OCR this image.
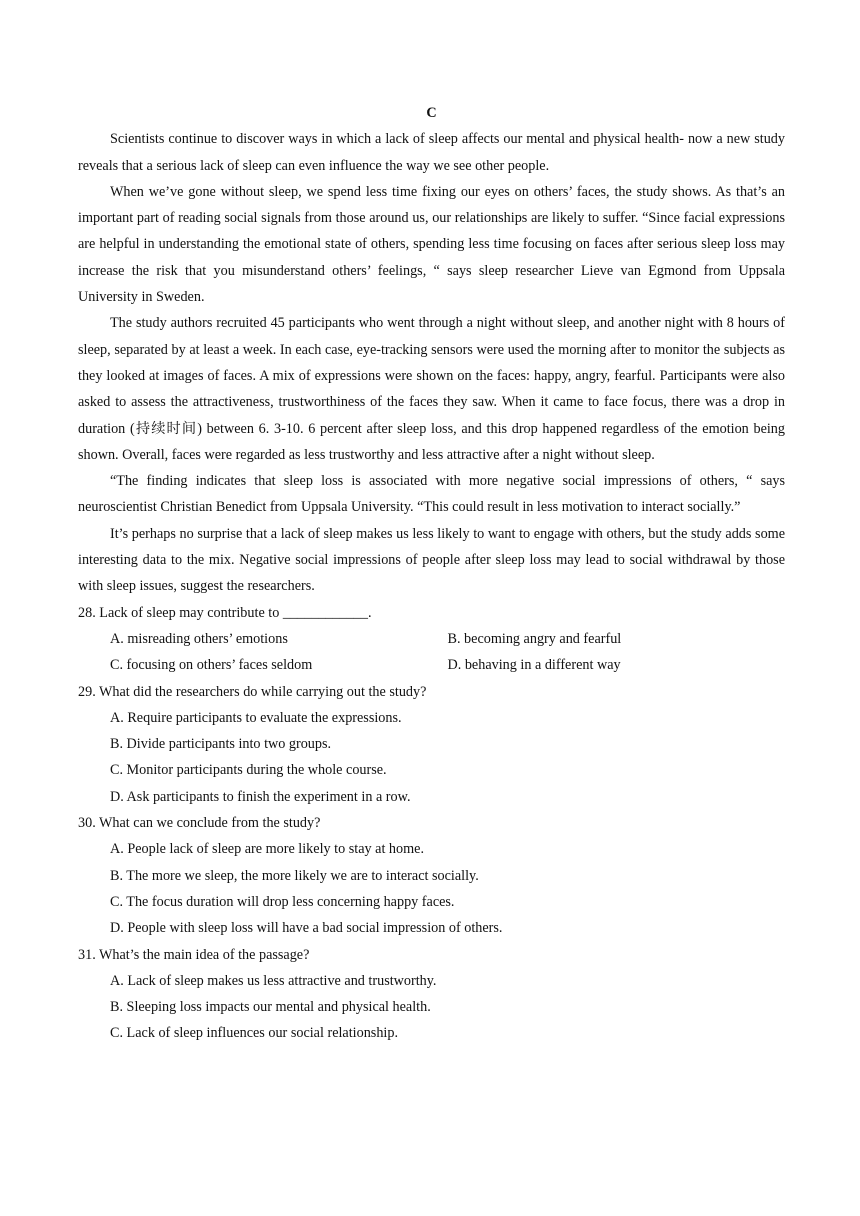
C

Scientists continue to discover ways in which a lack of sleep affects our mental and physical health- now a new study reveals that a serious lack of sleep can even influence the way we see other people.

When we’ve gone without sleep, we spend less time fixing our eyes on others’ faces, the study shows. As that’s an important part of reading social signals from those around us, our relationships are likely to suffer. “Since facial expressions are helpful in understanding the emotional state of others, spending less time focusing on faces after serious sleep loss may increase the risk that you misunderstand others’ feelings, “ says sleep researcher Lieve van Egmond from Uppsala University in Sweden.

The study authors recruited 45 participants who went through a night without sleep, and another night with 8 hours of sleep, separated by at least a week. In each case, eye-tracking sensors were used the morning after to monitor the subjects as they looked at images of faces. A mix of expressions were shown on the faces: happy, angry, fearful. Participants were also asked to assess the attractiveness, trustworthiness of the faces they saw. When it came to face focus, there was a drop in duration (持续时间) between 6. 3-10. 6 percent after sleep loss, and this drop happened regardless of the emotion being shown. Overall, faces were regarded as less trustworthy and less attractive after a night without sleep.

“The finding indicates that sleep loss is associated with more negative social impressions of others, “ says neuroscientist Christian Benedict from Uppsala University. “This could result in less motivation to interact socially.”

It’s perhaps no surprise that a lack of sleep makes us less likely to want to engage with others, but the study adds some interesting data to the mix. Negative social impressions of people after sleep loss may lead to social withdrawal by those with sleep issues, suggest the researchers.

28. Lack of sleep may contribute to ____________.

A. misreading others’ emotions	B. becoming angry and fearful
C. focusing on others’ faces seldom	D. behaving in a different way

29. What did the researchers do while carrying out the study?

A. Require participants to evaluate the expressions.

B. Divide participants into two groups.

C. Monitor participants during the whole course.

D. Ask participants to finish the experiment in a row.

30. What can we conclude from the study?

A. People lack of sleep are more likely to stay at home.

B. The more we sleep, the more likely we are to interact socially.

C. The focus duration will drop less concerning happy faces.

D. People with sleep loss will have a bad social impression of others.

31. What’s the main idea of the passage?

A. Lack of sleep makes us less attractive and trustworthy.

B. Sleeping loss impacts our mental and physical health.

C. Lack of sleep influences our social relationship.
